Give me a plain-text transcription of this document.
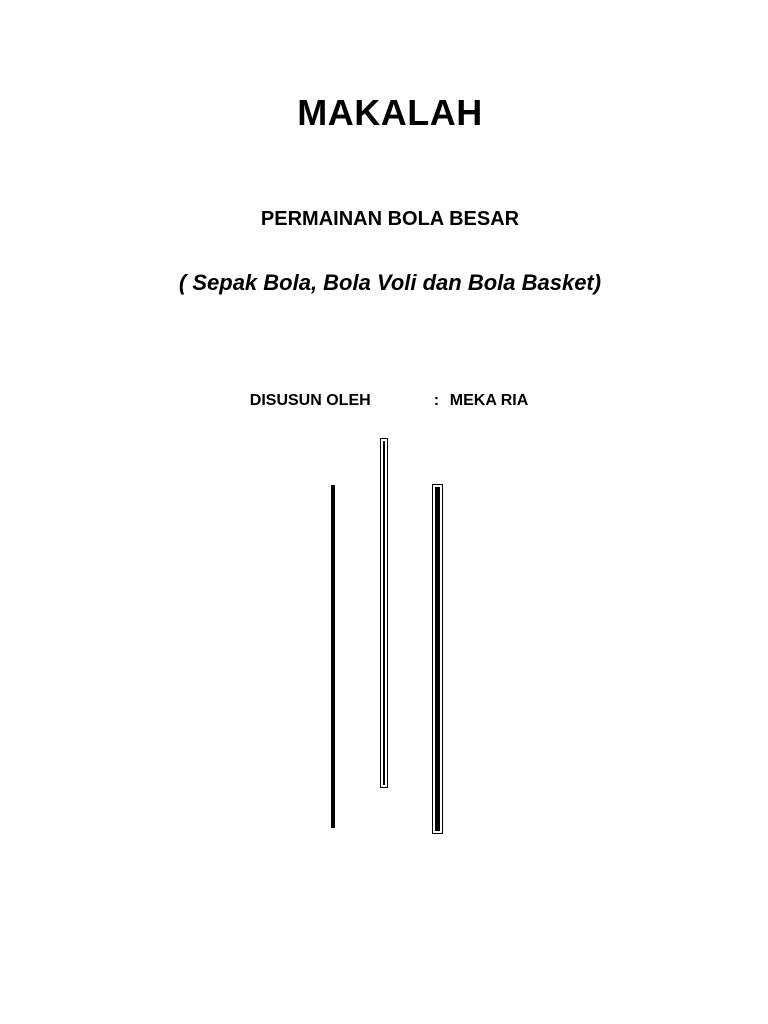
MAKALAH
PERMAINAN BOLA BESAR

( Sepak Bola, Bola Voli dan Bola Basket)

DISUSUN OLEH	: MEKA RIA
